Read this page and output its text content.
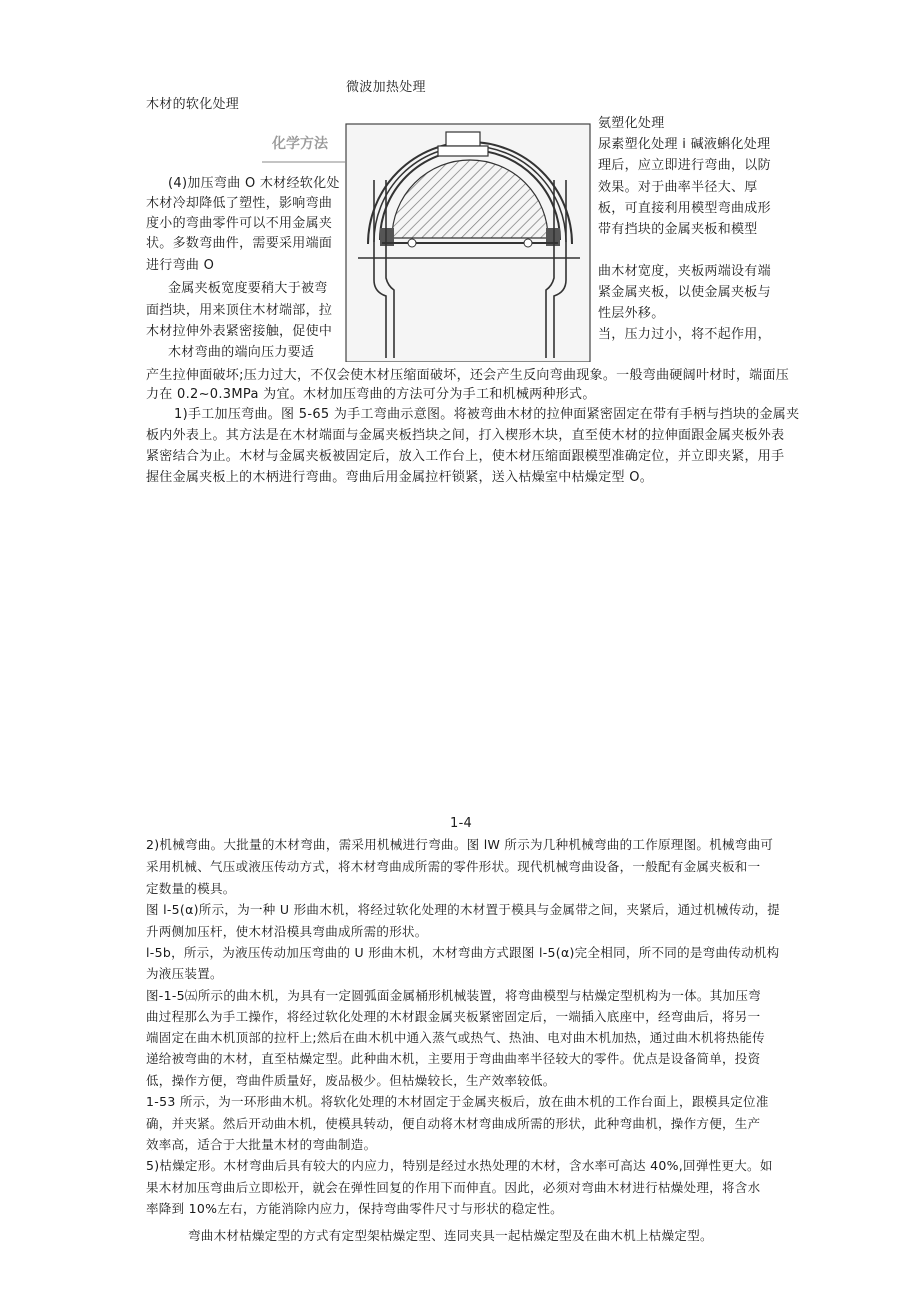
微波加热处理
木材的软化处理
化学方法
(4)加压弯曲 O 木材经软化处
木材冷却降低了塑性，影响弯曲
度小的弯曲零件可以不用金属夹
状。多数弯曲件，需要采用端面
进行弯曲 O
金属夹板宽度要稍大于被弯
面挡块，用来顶住木材端部，拉
木材拉伸外表紧密接触，促使中
木材弯曲的端向压力要适
氨塑化处理
尿素塑化处理 i 碱液蝌化处理
理后，应立即进行弯曲，以防
效果。对于曲率半径大、厚
板，可直接利用模型弯曲成形
带有挡块的金属夹板和模型
曲木材宽度，夹板两端设有端
紧金属夹板，以使金属夹板与
性层外移。
当，压力过小，将不起作用，
产生拉伸面破坏;压力过大，不仅会使木材压缩面破坏，还会产生反向弯曲现象。一般弯曲硬阔叶材时，端面压
力在 0.2~0.3MPa 为宜。木材加压弯曲的方法可分为手工和机械两种形式。
1)手工加压弯曲。图 5-65 为手工弯曲示意图。将被弯曲木材的拉伸面紧密固定在带有手柄与挡块的金属夹
板内外表上。其方法是在木材端面与金属夹板挡块之间，打入楔形木块，直至使木材的拉伸面跟金属夹板外表
紧密结合为止。木材与金属夹板被固定后，放入工作台上，使木材压缩面跟模型准确定位，并立即夹紧，用手
握住金属夹板上的木柄进行弯曲。弯曲后用金属拉杆锁紧，送入枯燥室中枯燥定型 O。
1-4
2)机械弯曲。大批量的木材弯曲，需采用机械进行弯曲。图 lW 所示为几种机械弯曲的工作原理图。机械弯曲可
采用机械、气压或液压传动方式，将木材弯曲成所需的零件形状。现代机械弯曲设备，一般配有金属夹板和一
定数量的模具。
图 l-5(α)所示，为一种 U 形曲木机，将经过软化处理的木材置于模具与金属带之间，夹紧后，通过机械传动，提
升两侧加压杆，使木材沿模具弯曲成所需的形状。
l-5b，所示，为液压传动加压弯曲的 U 形曲木机，木材弯曲方式跟图 l-5(α)完全相同，所不同的是弯曲传动机构
为液压装置。
图-1-5㈤所示的曲木机，为具有一定圆弧面金属桶形机械装置，将弯曲模型与枯燥定型机构为一体。其加压弯
曲过程那么为手工操作，将经过软化处理的木材跟金属夹板紧密固定后，一端插入底座中，经弯曲后，将另一
端固定在曲木机顶部的拉杆上;然后在曲木机中通入蒸气或热气、热油、电对曲木机加热，通过曲木机将热能传
递给被弯曲的木材，直至枯燥定型。此种曲木机，主要用于弯曲曲率半径较大的零件。优点是设备简单，投资
低，操作方便，弯曲件质量好，废品极少。但枯燥较长，生产效率较低。
1-53 所示，为一环形曲木机。将软化处理的木材固定于金属夹板后，放在曲木机的工作台面上，跟模具定位准
确，并夹紧。然后开动曲木机，使模具转动，便自动将木材弯曲成所需的形状，此种弯曲机，操作方便，生产
效率高，适合于大批量木材的弯曲制造。
5)枯燥定形。木材弯曲后具有较大的内应力，特别是经过水热处理的木材，含水率可高达 40%,回弹性更大。如
果木材加压弯曲后立即松开，就会在弹性回复的作用下而伸直。因此，必须对弯曲木材进行枯燥处理，将含水
率降到 10%左右，方能消除内应力，保持弯曲零件尺寸与形状的稳定性。
弯曲木材枯燥定型的方式有定型架枯燥定型、连同夹具一起枯燥定型及在曲木机上枯燥定型。
